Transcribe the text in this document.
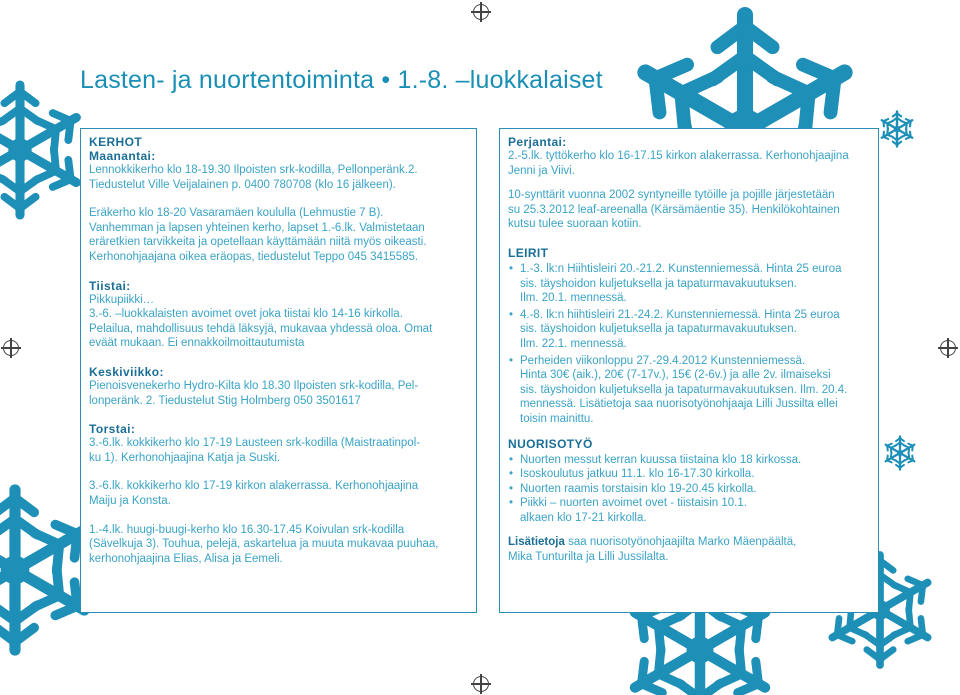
Lasten- ja nuortentoiminta • 1.-8. –luokkalaiset
KERHOT
Maanantai:
Lennokkikerho klo 18-19.30 Ilpoisten srk-kodilla, Pellonperänk.2.
Tiedustelut Ville Veijalainen p. 0400 780708 (klo 16 jälkeen).
Eräkerho klo 18-20 Vasaramäen koululla (Lehmustie 7 B).
Vanhemman ja lapsen yhteinen kerho, lapset 1.-6.lk. Valmistetaan
eräretkien tarvikkeita ja opetellaan käyttämään niitä myös oikeasti.
Kerhonohjaajana oikea eräopas, tiedustelut Teppo 045 3415585.
Tiistai:
Pikkupiikki…
3.-6. –luokkalaisten avoimet ovet joka tiistai klo 14-16 kirkolla.
Pelailua, mahdollisuus tehdä läksyjä, mukavaa yhdessä oloa. Omat
eväät mukaan. Ei ennakkoilmoittautumista
Keskiviikko:
Pienoisvenekerho Hydro-Kilta klo 18.30 Ilpoisten srk-kodilla, Pel-
lonperänk. 2. Tiedustelut Stig Holmberg 050 3501617
Torstai:
3.-6.lk. kokkikerho klo 17-19 Lausteen srk-kodilla (Maistraatinpol-
ku 1). Kerhonohjaajina Katja ja Suski.
3.-6.lk. kokkikerho klo 17-19 kirkon alakerrassa. Kerhonohjaajina
Maiju ja Konsta.
1.-4.lk. huugi-buugi-kerho klo 16.30-17.45 Koivulan srk-kodilla
(Sävelkuja 3). Touhua, pelejä, askartelua ja muuta mukavaa puuhaa,
kerhonohjaajina Elias, Alisa ja Eemeli.
Perjantai:
2.-5.lk. tyttökerho klo 16-17.15 kirkon alakerrassa. Kerhonohjaajina
Jenni ja Viivi.
10-synttärit vuonna 2002 syntyneille tytöille ja pojille järjestetään
su 25.3.2012 leaf-areenalla (Kärsämäentie 35). Henkilökohtainen
kutsu tulee suoraan kotiin.
LEIRIT
• 1.-3. lk:n Hiihtisleiri 20.-21.2. Kunstenniemessä. Hinta 25 euroa
sis. täyshoidon kuljetuksella ja tapaturmavakuutuksen.
Ilm. 20.1. mennessä.
• 4.-8. lk:n hiihtisleiri 21.-24.2. Kunstenniemessä. Hinta 25 euroa
sis. täyshoidon kuljetuksella ja tapaturmavakuutuksen.
Ilm. 22.1. mennessä.
• Perheiden viikonloppu 27.-29.4.2012 Kunstenniemessä.
Hinta 30€ (aik.), 20€ (7-17v.), 15€ (2-6v.) ja alle 2v. ilmaiseksi
sis. täyshoidon kuljetuksella ja tapaturmavakuutuksen. Ilm. 20.4.
mennessä. Lisätietoja saa nuorisotyönohjaaja Lilli Jussilta ellei
toisin mainittu.
NUORISOTYÖ
• Nuorten messut kerran kuussa tiistaina klo 18 kirkossa.
• Isoskoulutus jatkuu 11.1. klo 16-17.30 kirkolla.
• Nuorten raamis torstaisin klo 19-20.45 kirkolla.
• Piikki – nuorten avoimet ovet - tiistaisin 10.1.
alkaen klo 17-21 kirkolla.
Lisätietoja saa nuorisotyönohjaajilta Marko Mäenpäältä,
Mika Tunturilta ja Lilli Jussilalta.
